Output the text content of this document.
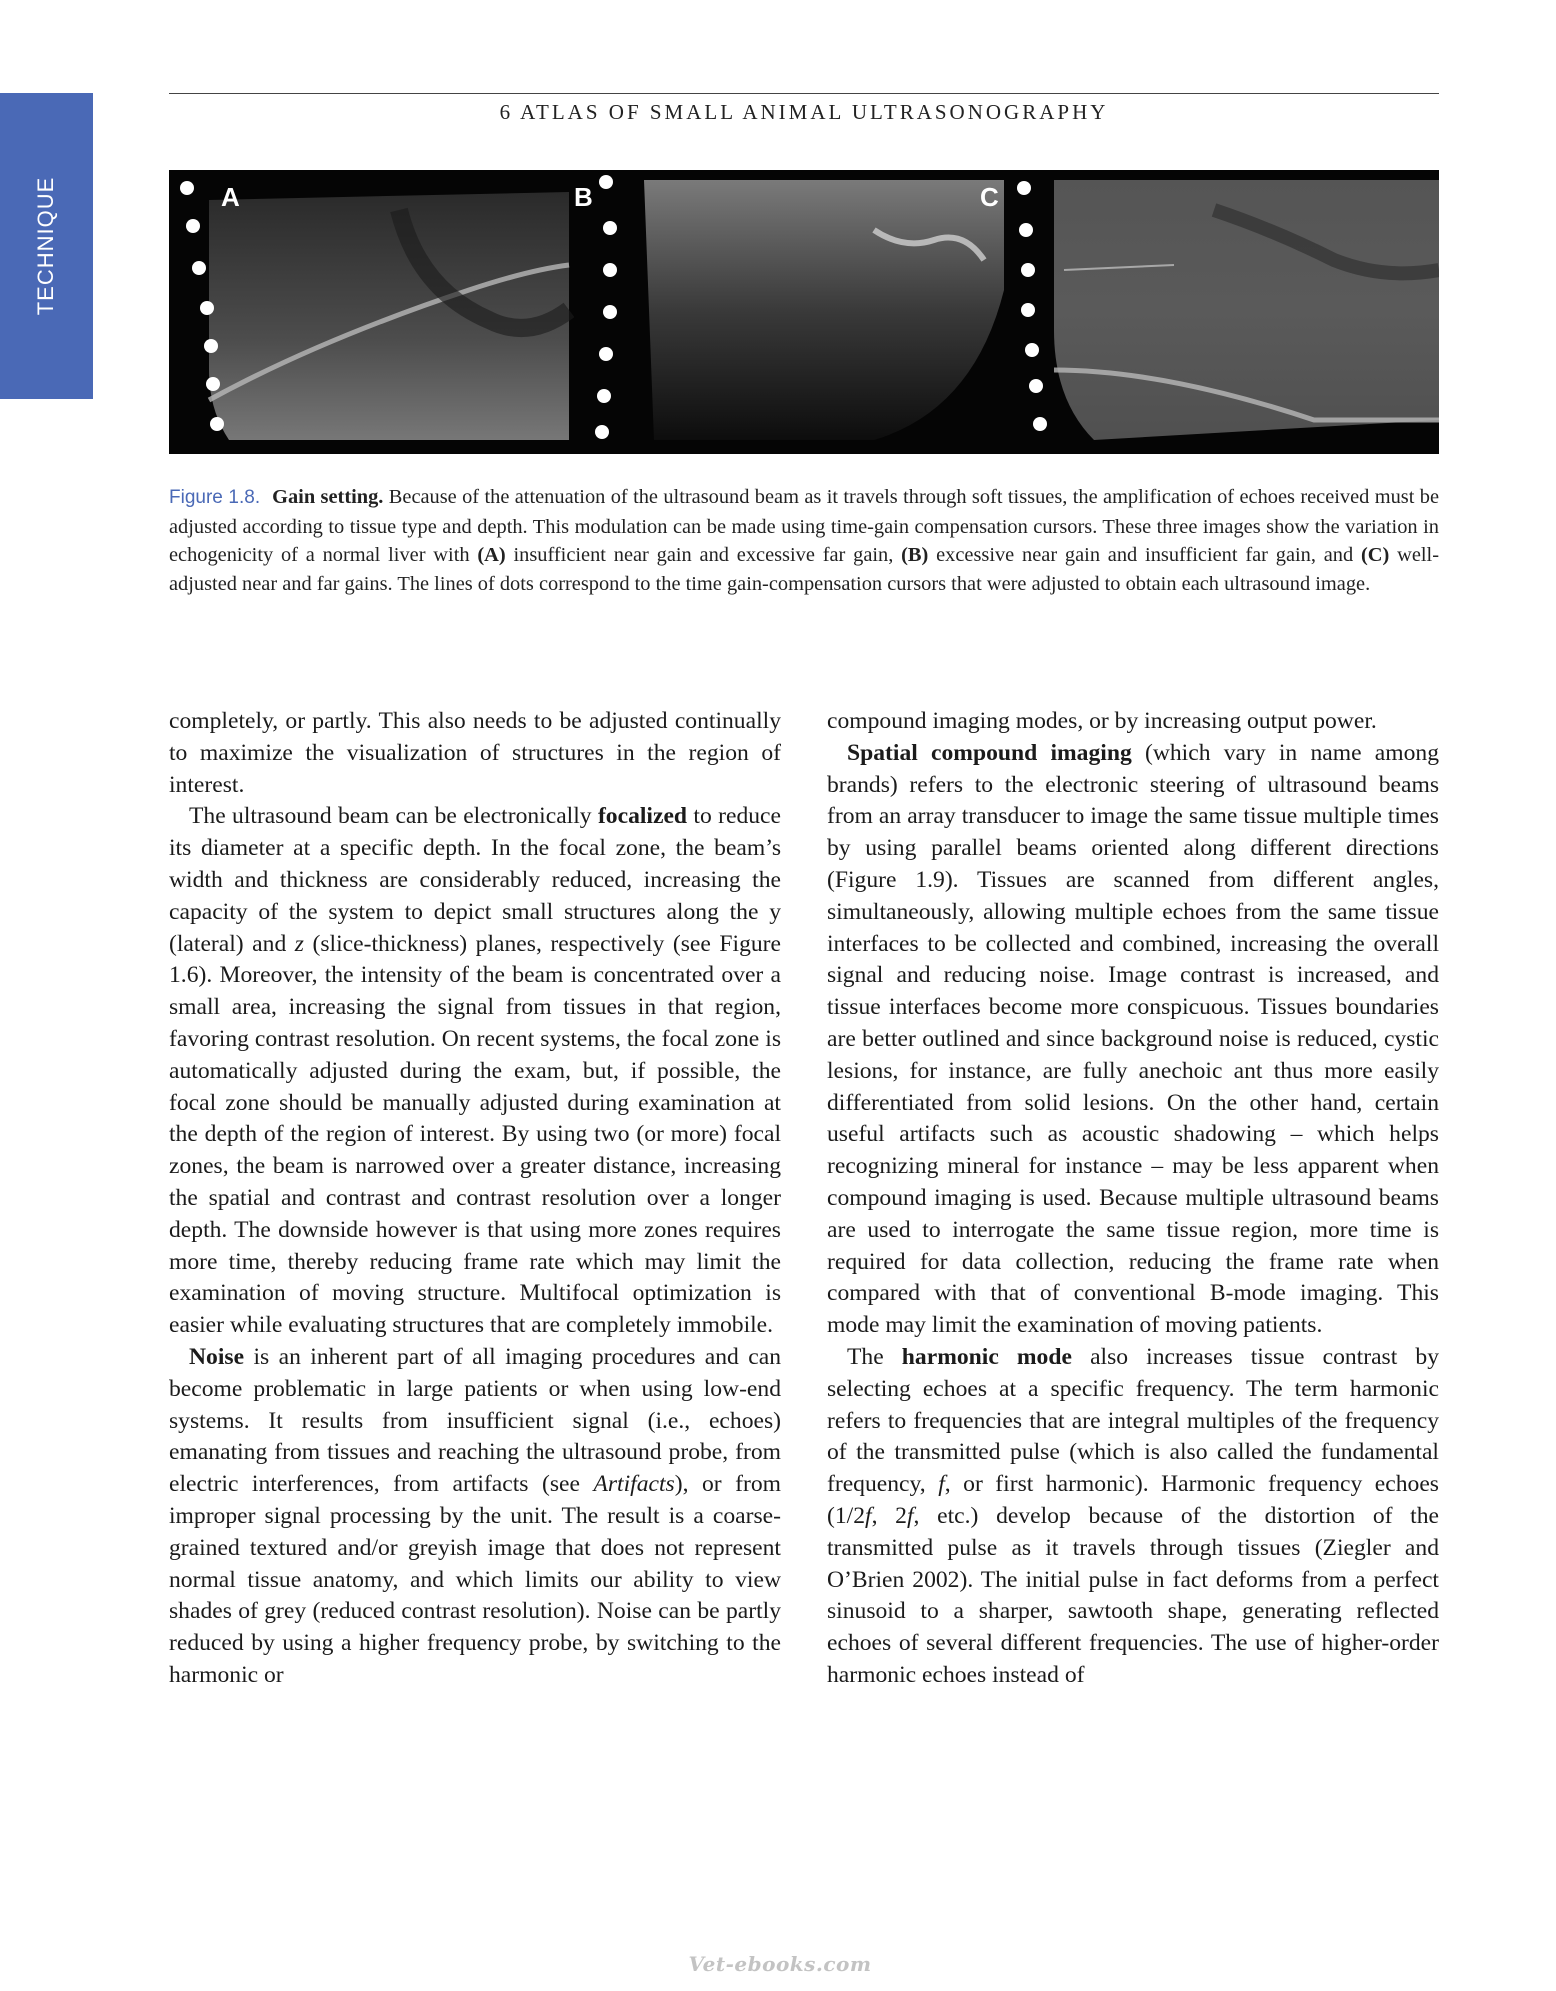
TECHNIQUE
6 ATLAS OF SMALL ANIMAL ULTRASONOGRAPHY
A	B	C
Figure 1.8. Gain setting. Because of the attenuation of the ultrasound beam as it travels through soft tissues, the amplification of echoes received must be adjusted according to tissue type and depth. This modulation can be made using time-gain compensation cursors. These three images show the variation in echogenicity of a normal liver with (A) insufficient near gain and excessive far gain, (B) excessive near gain and insufficient far gain, and (C) well-adjusted near and far gains. The lines of dots correspond to the time gain-compensation cursors that were adjusted to obtain each ultrasound image.

completely, or partly. This also needs to be adjusted continually to maximize the visualization of structures in the region of interest.

The ultrasound beam can be electronically focalized to reduce its diameter at a specific depth. In the focal zone, the beam’s width and thickness are considerably reduced, increasing the capacity of the system to depict small structures along the y (lateral) and z (slice-thickness) planes, respectively (see Figure 1.6). Moreover, the intensity of the beam is concentrated over a small area, increasing the signal from tissues in that region, favoring contrast resolution. On recent systems, the focal zone is automatically adjusted during the exam, but, if possible, the focal zone should be manually adjusted during examination at the depth of the region of interest. By using two (or more) focal zones, the beam is narrowed over a greater distance, increasing the spatial and contrast and contrast resolution over a longer depth. The downside however is that using more zones requires more time, thereby reducing frame rate which may limit the examination of moving structure. Multifocal optimization is easier while evaluating structures that are completely immobile.

Noise is an inherent part of all imaging procedures and can become problematic in large patients or when using low-end systems. It results from insufficient signal (i.e., echoes) emanating from tissues and reaching the ultrasound probe, from electric interferences, from artifacts (see Artifacts), or from improper signal processing by the unit. The result is a coarse-grained textured and/or greyish image that does not represent normal tissue anatomy, and which limits our ability to view shades of grey (reduced contrast resolution). Noise can be partly reduced by using a higher frequency probe, by switching to the harmonic or

compound imaging modes, or by increasing output power.

Spatial compound imaging (which vary in name among brands) refers to the electronic steering of ultrasound beams from an array transducer to image the same tissue multiple times by using parallel beams oriented along different directions (Figure 1.9). Tissues are scanned from different angles, simultaneously, allowing multiple echoes from the same tissue interfaces to be collected and combined, increasing the overall signal and reducing noise. Image contrast is increased, and tissue interfaces become more conspicuous. Tissues boundaries are better outlined and since background noise is reduced, cystic lesions, for instance, are fully anechoic ant thus more easily differentiated from solid lesions. On the other hand, certain useful artifacts such as acoustic shadowing – which helps recognizing mineral for instance – may be less apparent when compound imaging is used. Because multiple ultrasound beams are used to interrogate the same tissue region, more time is required for data collection, reducing the frame rate when compared with that of conventional B-mode imaging. This mode may limit the examination of moving patients.

The harmonic mode also increases tissue contrast by selecting echoes at a specific frequency. The term harmonic refers to frequencies that are integral multiples of the frequency of the transmitted pulse (which is also called the fundamental frequency, f, or first harmonic). Harmonic frequency echoes (1/2f, 2f, etc.) develop because of the distortion of the transmitted pulse as it travels through tissues (Ziegler and O’Brien 2002). The initial pulse in fact deforms from a perfect sinusoid to a sharper, sawtooth shape, generating reflected echoes of several different frequencies. The use of higher-order harmonic echoes instead of

Vet-ebooks.com
